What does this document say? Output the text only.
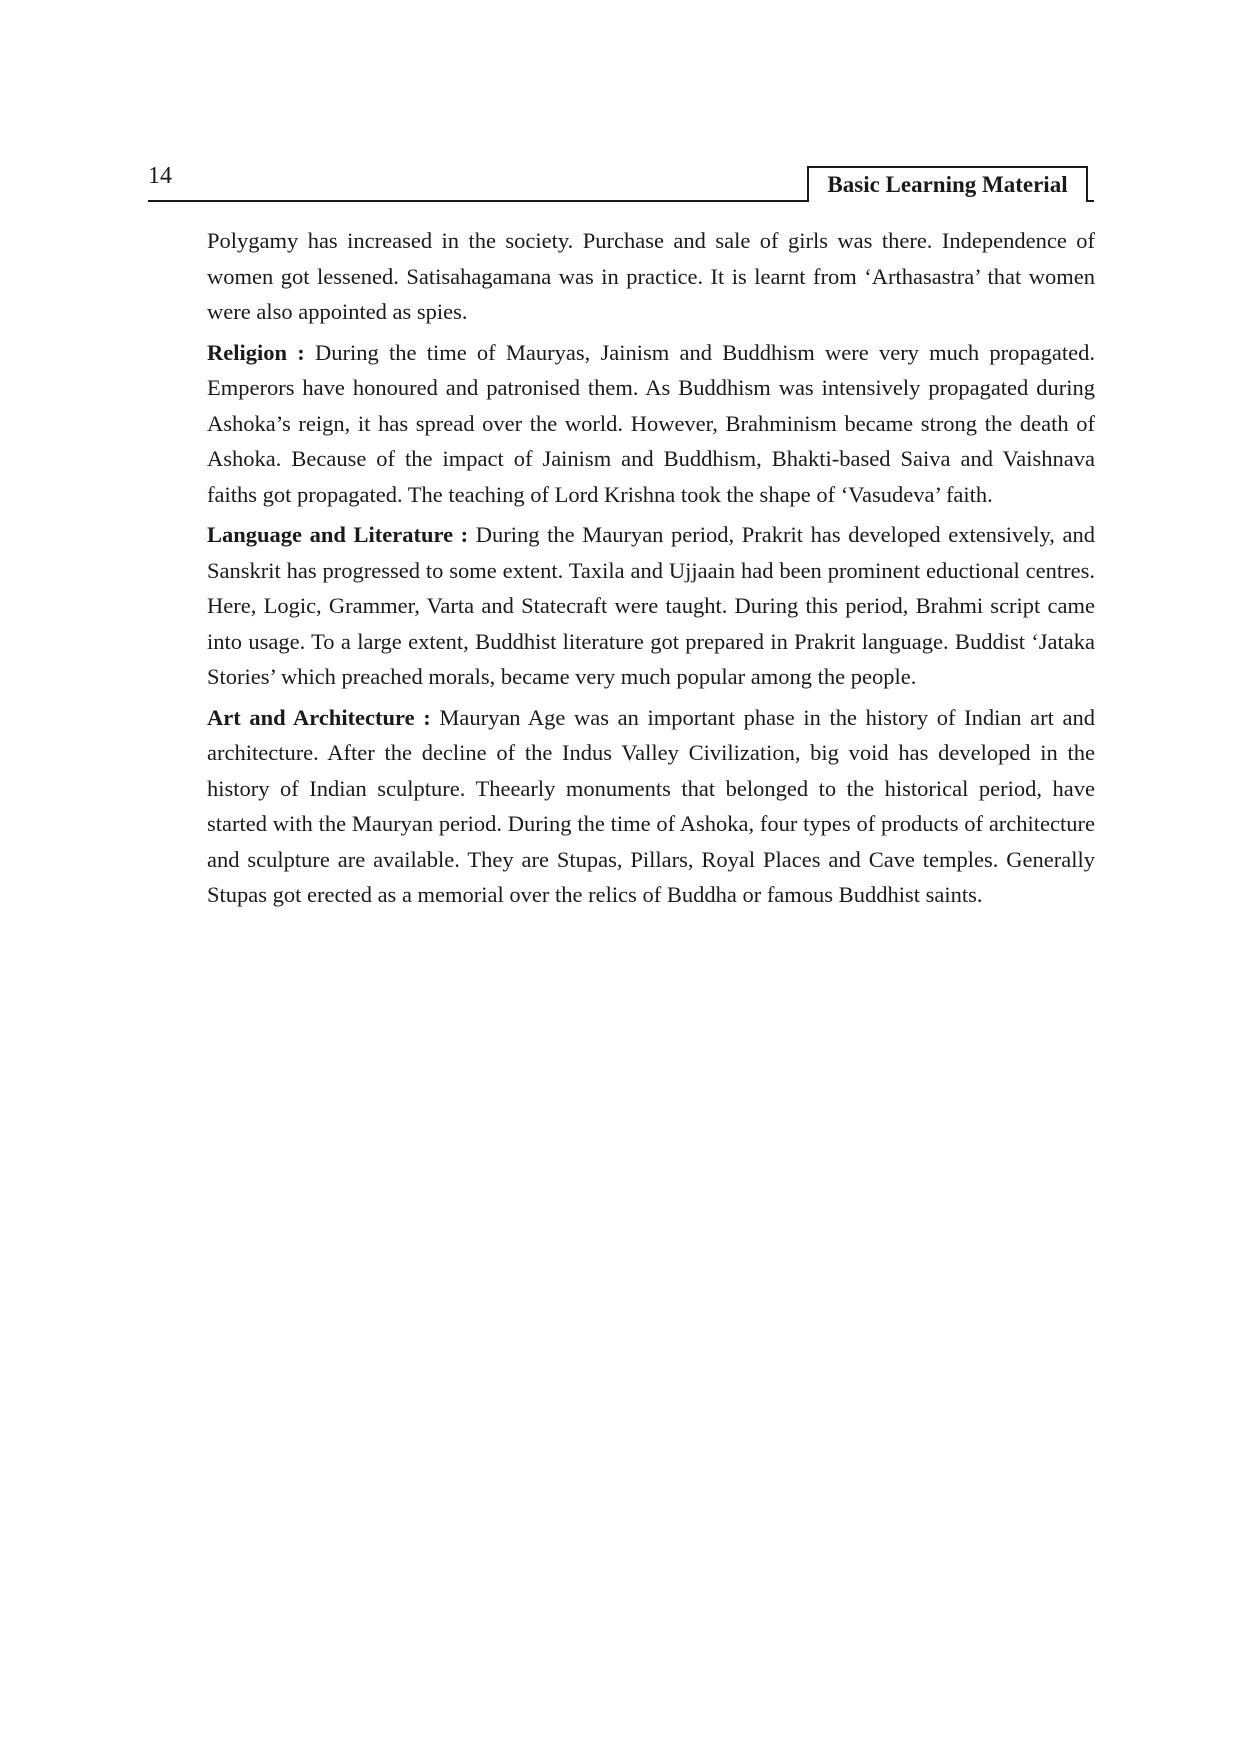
14	Basic Learning Material

Polygamy has increased in the society. Purchase and sale of girls was there. Independence of women got lessened. Satisahagamana was in practice. It is learnt from ‘Arthasastra’ that women were also appointed as spies.

Religion : During the time of Mauryas, Jainism and Buddhism were very much propagated. Emperors have honoured and patronised them. As Buddhism was intensively propagated during Ashoka’s reign, it has spread over the world. However, Brahminism became strong the death of Ashoka. Because of the impact of Jainism and Buddhism, Bhakti-based Saiva and Vaishnava faiths got propagated. The teaching of Lord Krishna took the shape of ‘Vasudeva’ faith.

Language and Literature : During the Mauryan period, Prakrit has developed extensively, and Sanskrit has progressed to some extent. Taxila and Ujjaain had been prominent eductional centres. Here, Logic, Grammer, Varta and Statecraft were taught. During this period, Brahmi script came into usage. To a large extent, Buddhist literature got prepared in Prakrit language. Buddist ‘Jataka Stories’ which preached morals, became very much popular among the people.

Art and Architecture : Mauryan Age was an important phase in the history of Indian art and architecture. After the decline of the Indus Valley Civilization, big void has developed in the history of Indian sculpture. Theearly monuments that belonged to the historical period, have started with the Mauryan period. During the time of Ashoka, four types of products of architecture and sculpture are available. They are Stupas, Pillars, Royal Places and Cave temples. Generally Stupas got erected as a memorial over the relics of Buddha or famous Buddhist saints.
